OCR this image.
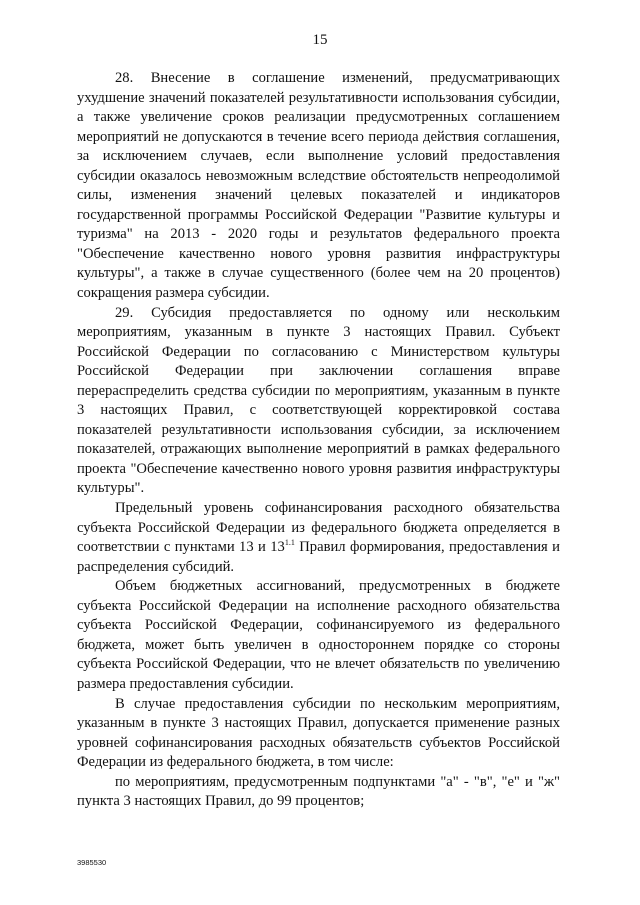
15

28. Внесение в соглашение изменений, предусматривающих ухудшение значений показателей результативности использования субсидии, а также увеличение сроков реализации предусмотренных соглашением мероприятий не допускаются в течение всего периода действия соглашения, за исключением случаев, если выполнение условий предоставления субсидии оказалось невозможным вследствие обстоятельств непреодолимой силы, изменения значений целевых показателей и индикаторов государственной программы Российской Федерации "Развитие культуры и туризма" на 2013 - 2020 годы и результатов федерального проекта "Обеспечение качественно нового уровня развития инфраструктуры культуры", а также в случае существенного (более чем на 20 процентов) сокращения размера субсидии.

29. Субсидия предоставляется по одному или нескольким мероприятиям, указанным в пункте 3 настоящих Правил. Субъект Российской Федерации по согласованию с Министерством культуры Российской Федерации при заключении соглашения вправе перераспределить средства субсидии по мероприятиям, указанным в пункте 3 настоящих Правил, с соответствующей корректировкой состава показателей результативности использования субсидии, за исключением показателей, отражающих выполнение мероприятий в рамках федерального проекта "Обеспечение качественно нового уровня развития инфраструктуры культуры".

Предельный уровень софинансирования расходного обязательства субъекта Российской Федерации из федерального бюджета определяется в соответствии с пунктами 13 и $13^{1.1}$ Правил формирования, предоставления и распределения субсидий.

Объем бюджетных ассигнований, предусмотренных в бюджете субъекта Российской Федерации на исполнение расходного обязательства субъекта Российской Федерации, софинансируемого из федерального бюджета, может быть увеличен в одностороннем порядке со стороны субъекта Российской Федерации, что не влечет обязательств по увеличению размера предоставления субсидии.

В случае предоставления субсидии по нескольким мероприятиям, указанным в пункте 3 настоящих Правил, допускается применение разных уровней софинансирования расходных обязательств субъектов Российской Федерации из федерального бюджета, в том числе:

по мероприятиям, предусмотренным подпунктами "а" - "в", "е" и "ж" пункта 3 настоящих Правил, до 99 процентов;

3985530
